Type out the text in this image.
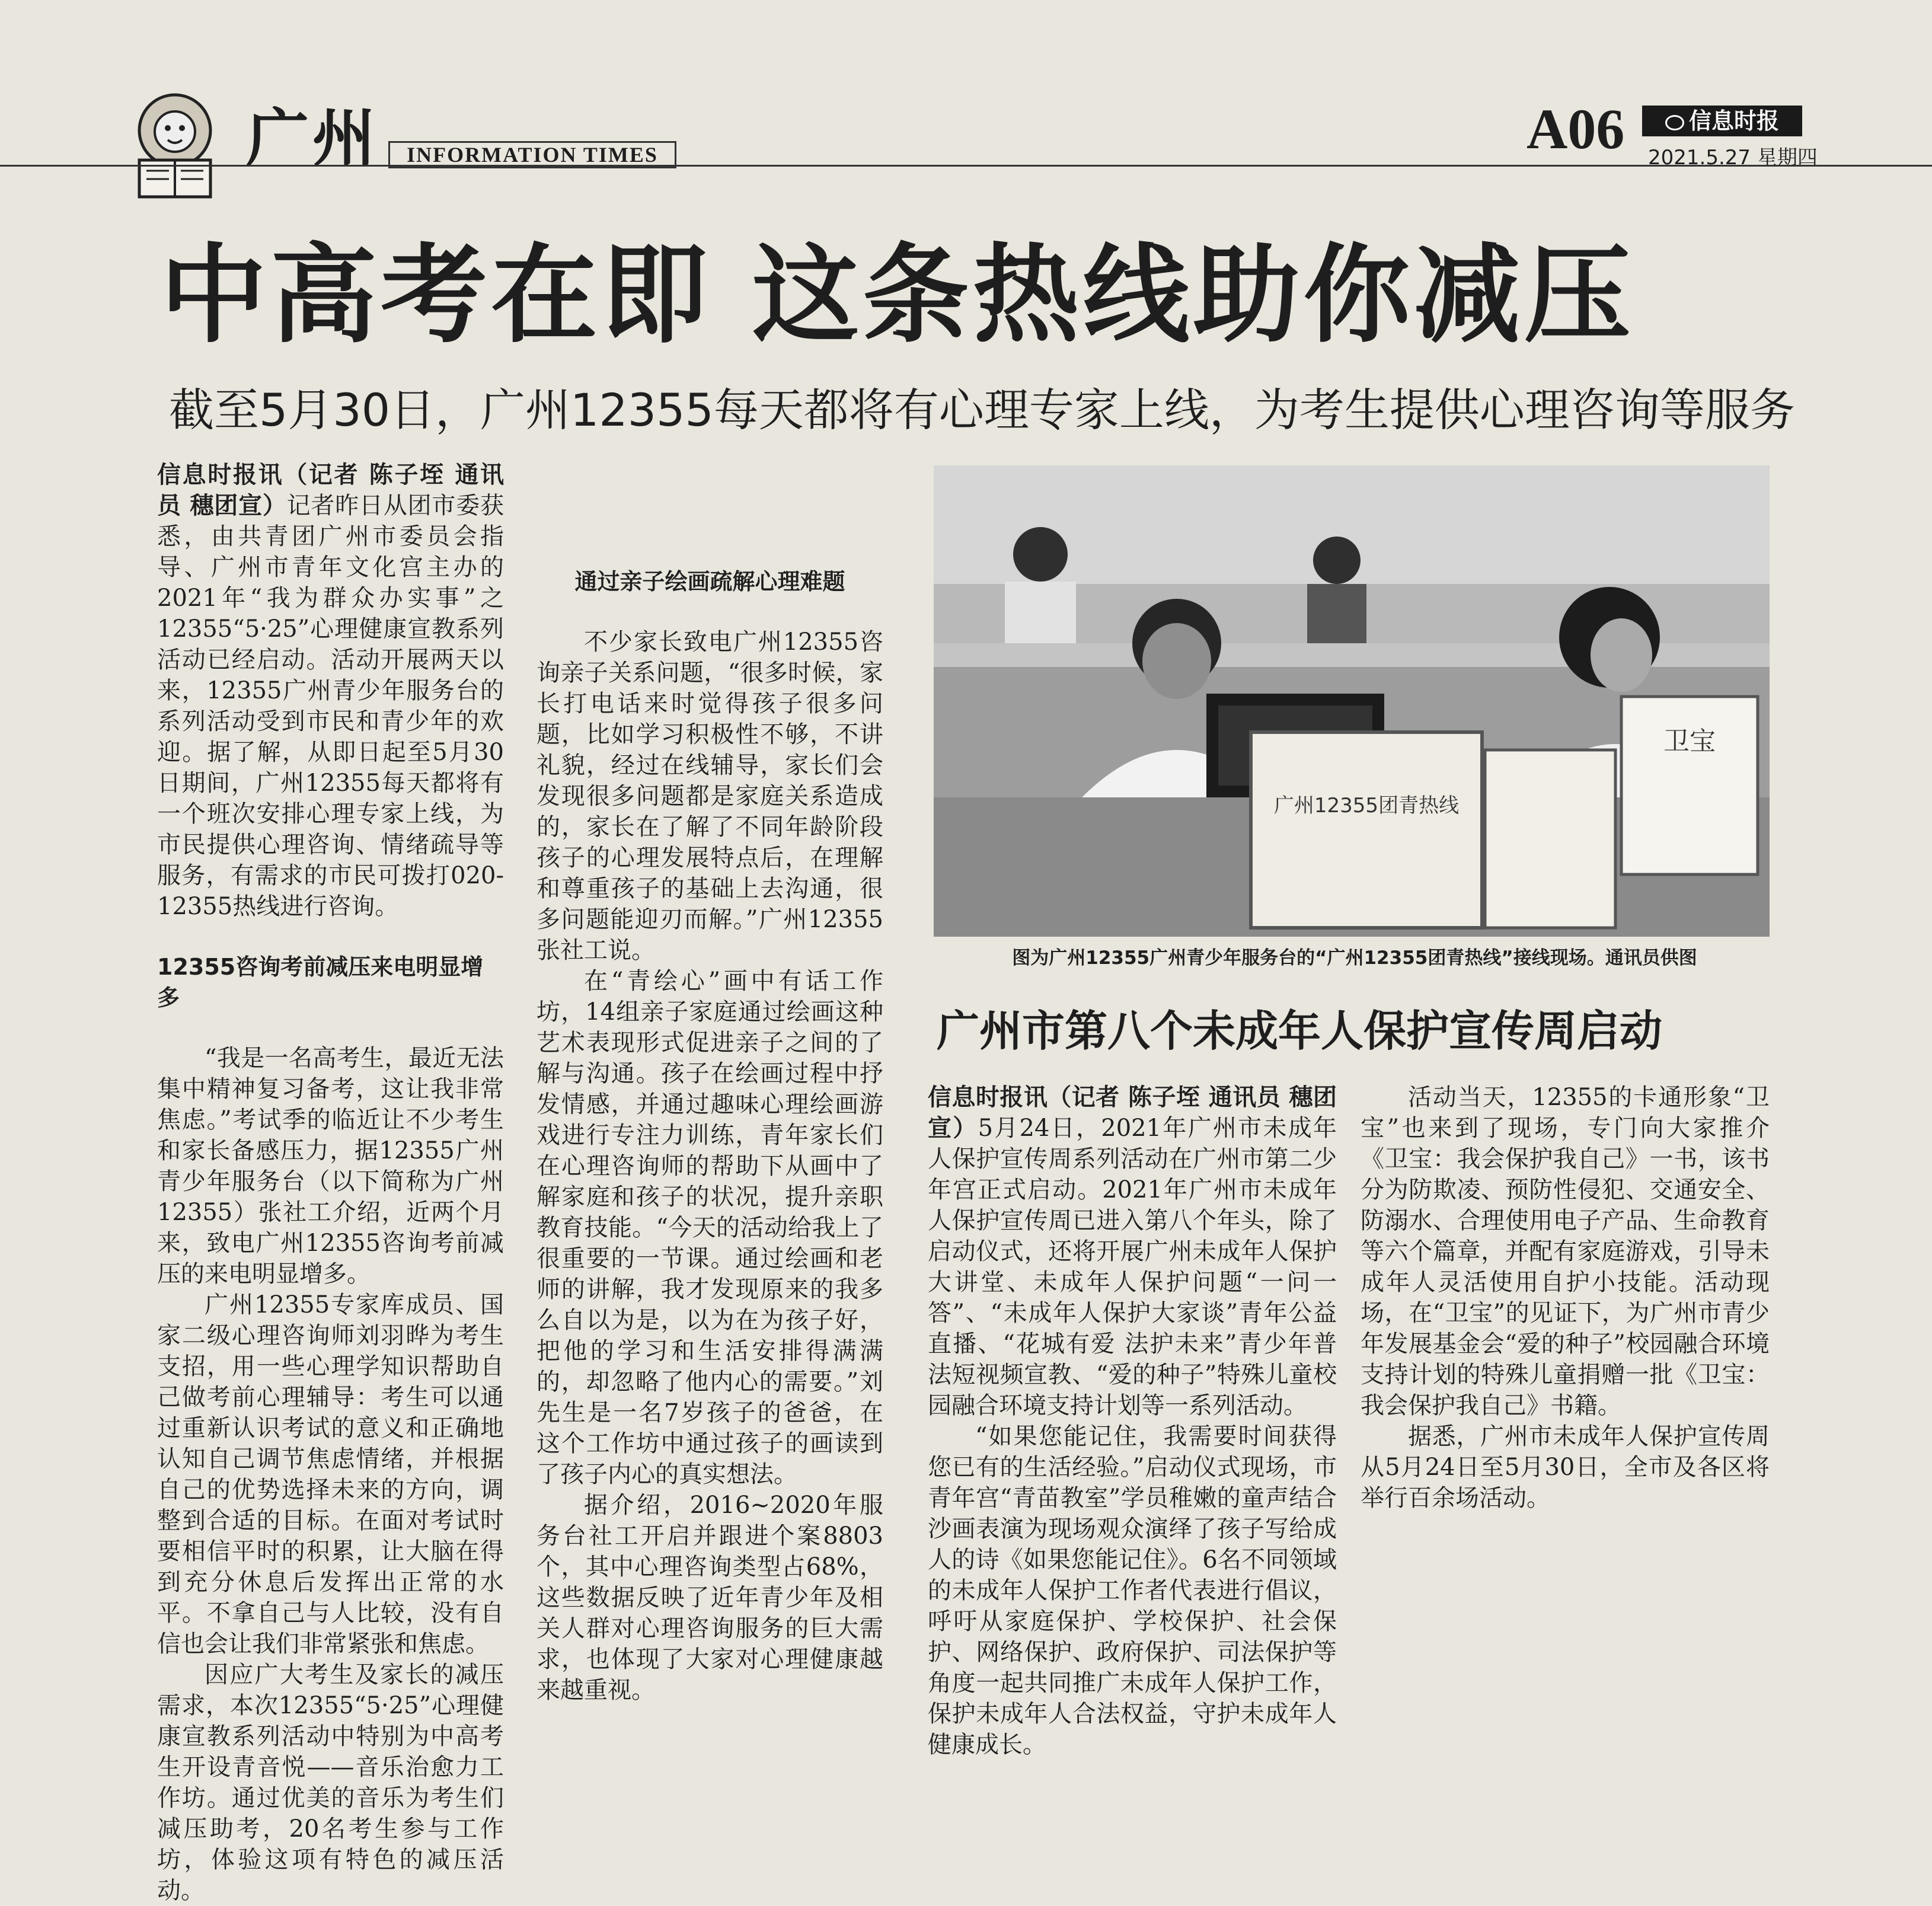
广州	INFORMATION TIMES	A06	信息时报
2021.5.27 星期四
中高考在即 这条热线助你减压
截至5月30日，广州12355每天都将有心理专家上线，为考生提供心理咨询等服务

信息时报讯（记者 陈子垤 通讯员 穗团宣）记者昨日从团市委获悉，由共青团广州市委员会指导、广州市青年文化宫主办的2021年“我为群众办实事”之12355“5·25”心理健康宣教系列活动已经启动。活动开展两天以来，12355广州青少年服务台的系列活动受到市民和青少年的欢迎。据了解，从即日起至5月30日期间，广州12355每天都将有一个班次安排心理专家上线，为市民提供心理咨询、情绪疏导等服务，有需求的市民可拨打020-12355热线进行咨询。

12355咨询考前减压来电明显增多

“我是一名高考生，最近无法集中精神复习备考，这让我非常焦虑。”考试季的临近让不少考生和家长备感压力，据12355广州青少年服务台（以下简称为广州12355）张社工介绍，近两个月来，致电广州12355咨询考前减压的来电明显增多。

广州12355专家库成员、国家二级心理咨询师刘羽晔为考生支招，用一些心理学知识帮助自己做考前心理辅导：考生可以通过重新认识考试的意义和正确地认知自己调节焦虑情绪，并根据自己的优势选择未来的方向，调整到合适的目标。在面对考试时要相信平时的积累，让大脑在得到充分休息后发挥出正常的水平。不拿自己与人比较，没有自信也会让我们非常紧张和焦虑。

因应广大考生及家长的减压需求，本次12355“5·25”心理健康宣教系列活动中特别为中高考生开设青音悦——音乐治愈力工作坊。通过优美的音乐为考生们减压助考，20名考生参与工作坊，体验这项有特色的减压活动。

通过亲子绘画疏解心理难题

不少家长致电广州12355咨询亲子关系问题，“很多时候，家长打电话来时觉得孩子很多问题，比如学习积极性不够，不讲礼貌，经过在线辅导，家长们会发现很多问题都是家庭关系造成的，家长在了解了不同年龄阶段孩子的心理发展特点后，在理解和尊重孩子的基础上去沟通，很多问题能迎刃而解。”广州12355张社工说。

在“青绘心”画中有话工作坊，14组亲子家庭通过绘画这种艺术表现形式促进亲子之间的了解与沟通。孩子在绘画过程中抒发情感，并通过趣味心理绘画游戏进行专注力训练，青年家长们在心理咨询师的帮助下从画中了解家庭和孩子的状况，提升亲职教育技能。“今天的活动给我上了很重要的一节课。通过绘画和老师的讲解，我才发现原来的我多么自以为是，以为在为孩子好，把他的学习和生活安排得满满的，却忽略了他内心的需要。”刘先生是一名7岁孩子的爸爸，在这个工作坊中通过孩子的画读到了孩子内心的真实想法。

据介绍，2016~2020年服务台社工开启并跟进个案8803个，其中心理咨询类型占68%，这些数据反映了近年青少年及相关人群对心理咨询服务的巨大需求，也体现了大家对心理健康越来越重视。

广州12355团青热线
卫宝
图为广州12355广州青少年服务台的“广州12355团青热线”接线现场。通讯员供图
广州市第八个未成年人保护宣传周启动

信息时报讯（记者 陈子垤 通讯员 穗团宣）5月24日，2021年广州市未成年人保护宣传周系列活动在广州市第二少年宫正式启动。2021年广州市未成年人保护宣传周已进入第八个年头，除了启动仪式，还将开展广州未成年人保护大讲堂、未成年人保护问题“一问一答”、“未成年人保护大家谈”青年公益直播、“花城有爱 法护未来”青少年普法短视频宣教、“爱的种子”特殊儿童校园融合环境支持计划等一系列活动。

“如果您能记住，我需要时间获得您已有的生活经验。”启动仪式现场，市青年宫“青苗教室”学员稚嫩的童声结合沙画表演为现场观众演绎了孩子写给成人的诗《如果您能记住》。6名不同领域的未成年人保护工作者代表进行倡议，呼吁从家庭保护、学校保护、社会保护、网络保护、政府保护、司法保护等角度一起共同推广未成年人保护工作，保护未成年人合法权益，守护未成年人健康成长。

活动当天，12355的卡通形象“卫宝”也来到了现场，专门向大家推介《卫宝：我会保护我自己》一书，该书分为防欺凌、预防性侵犯、交通安全、防溺水、合理使用电子产品、生命教育等六个篇章，并配有家庭游戏，引导未成年人灵活使用自护小技能。活动现场，在“卫宝”的见证下，为广州市青少年发展基金会“爱的种子”校园融合环境支持计划的特殊儿童捐赠一批《卫宝：我会保护我自己》书籍。

据悉，广州市未成年人保护宣传周从5月24日至5月30日，全市及各区将举行百余场活动。
